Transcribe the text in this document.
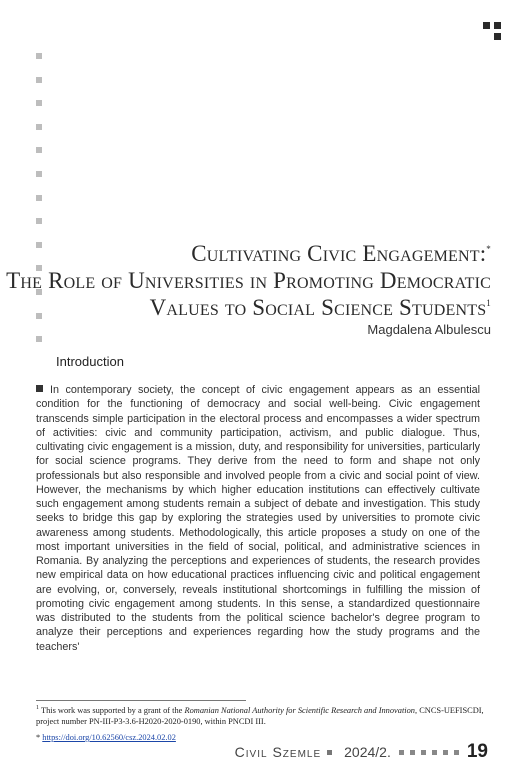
Cultivating Civic Engagement:*
The Role of Universities in Promoting Democratic
Values to Social Science Students$^1$
Magdalena Albulescu
Introduction
In contemporary society, the concept of civic engagement appears as an essential condition for the functioning of democracy and social well-being. Civic engagement transcends simple participation in the electoral process and encompasses a wider spectrum of activities: civic and community participation, activism, and public dialogue. Thus, cultivating civic engagement is a mission, duty, and responsibility for universities, particularly for social science programs. They derive from the need to form and shape not only professionals but also responsible and involved people from a civic and social point of view. However, the mechanisms by which higher education institutions can effectively cultivate such engagement among students remain a subject of debate and investigation. This study seeks to bridge this gap by exploring the strategies used by universities to promote civic awareness among students. Methodologically, this article proposes a study on one of the most important universities in the field of social, political, and administrative sciences in Romania. By analyzing the perceptions and experiences of students, the research provides new empirical data on how educational practices influencing civic and political engagement are evolving, or, conversely, reveals institutional shortcomings in fulfilling the mission of promoting civic engagement among students. In this sense, a standardized questionnaire was distributed to the students from the political science bachelor's degree program to analyze their perceptions and experiences regarding how the study programs and the teachers'
$^1$ This work was supported by a grant of the Romanian National Authority for Scientific Research and Innovation, CNCS-UEFISCDI, project number PN-III-P3-3.6-H2020-2020-0190, within PNCDI III.
* https://doi.org/10.62560/csz.2024.02.02
Civil Szemle 2024/2.	19
